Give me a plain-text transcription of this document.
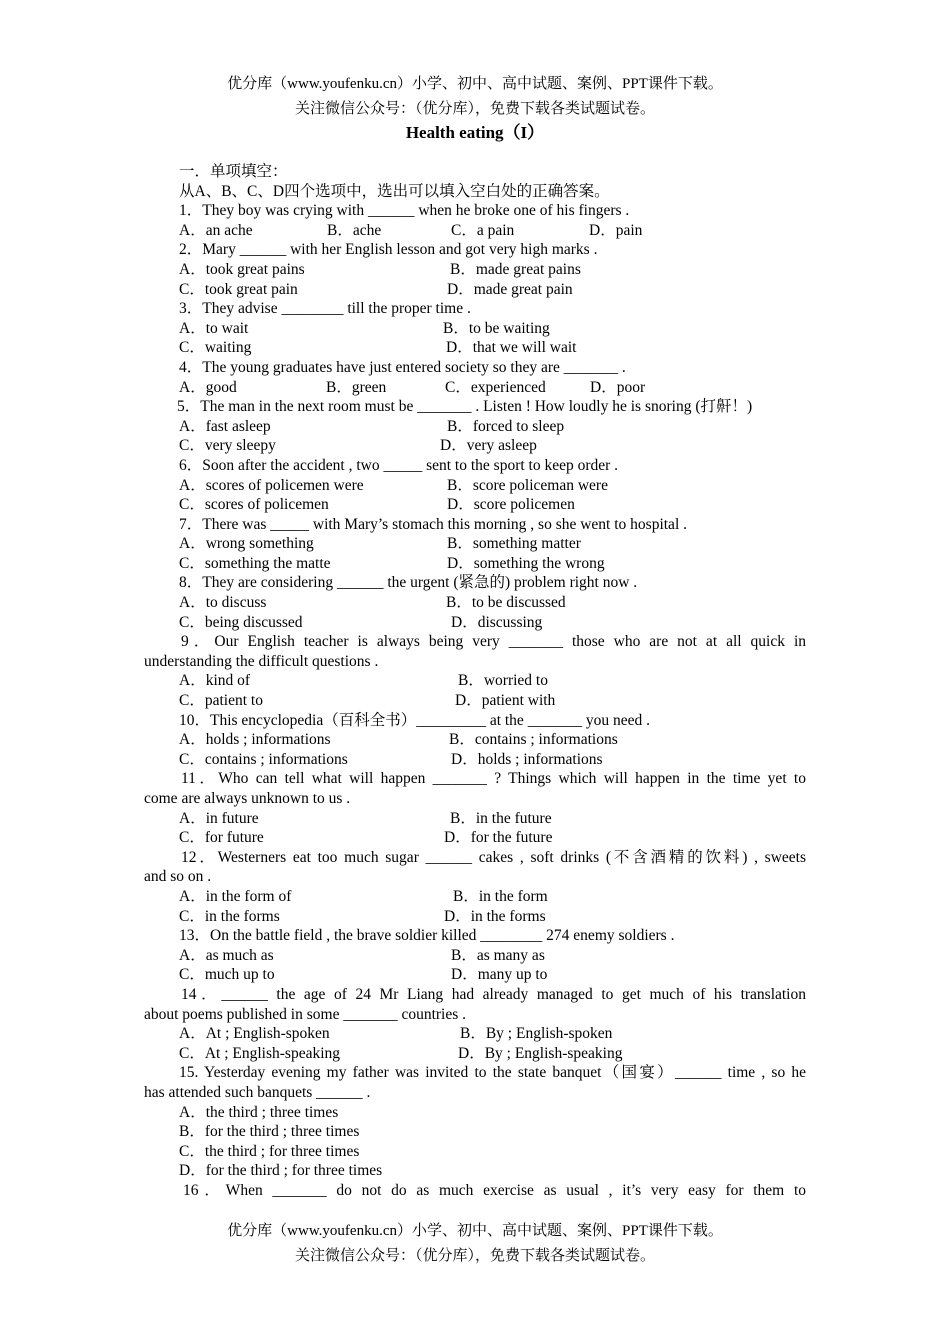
优分库（www.youfenku.cn）小学、初中、高中试题、案例、PPT课件下载。
关注微信公众号：（优分库），免费下载各类试题试卷。
Health eating（I）
一．单项填空：
从A、B、C、D四个选项中，选出可以填入空白处的正确答案。
1．They boy was crying with ______ when he broke one of his fingers .
A．an ache	B．ache	C．a pain	D．pain
2．Mary ______ with her English lesson and got very high marks .
A．took great pains	B．made great pains
C．took great pain	D．made great pain
3．They advise ________ till the proper time .
A．to wait	B．to be waiting
C．waiting	D．that we will wait
4．The young graduates have just entered society so they are _______ .
A．good	B．green	C．experienced	D．poor
5．The man in the next room must be _______ . Listen ! How loudly he is snoring (打鼾！)
A．fast asleep	B．forced to sleep
C．very sleepy	D．very asleep
6．Soon after the accident , two _____ sent to the sport to keep order .
A．scores of policemen were	B．score policeman were
C．scores of policemen	D．score policemen
7．There was _____ with Mary’s stomach this morning , so she went to hospital .
A．wrong something	B．something matter
C．something the matte	D．something the wrong
8．They are considering ______ the urgent (紧急的) problem right now .
A．to discuss	B．to be discussed
C．being discussed	D．discussing
9．Our English teacher is always being very _______ those who are not at all quick in
understanding the difficult questions .
A．kind of	B．worried to
C．patient to	D．patient with
10．This encyclopedia（百科全书）_________ at the _______ you need .
A．holds ; informations	B．contains ; informations
C．contains ; informations	D．holds ; informations
11．Who can tell what will happen _______ ? Things which will happen in the time yet to
come are always unknown to us .
A．in future	B．in the future
C．for future	D．for the future
12．Westerners eat too much sugar ______ cakes , soft drinks (不含酒精的饮料) , sweets
and so on .
A．in the form of	B．in the form
C．in the forms	D．in the forms
13．On the battle field , the brave soldier killed ________ 274 enemy soldiers .
A．as much as	B．as many as
C．much up to	D．many up to
14．______ the age of 24 Mr Liang had already managed to get much of his translation
about poems published in some _______ countries .
A．At ; English-spoken	B．By ; English-spoken
C．At ; English-speaking	D．By ; English-speaking
15. Yesterday evening my father was invited to the state banquet（国宴）______ time , so he
has attended such banquets ______ .
A．the third ; three times
B．for the third ; three times
C．the third ; for three times
D．for the third ; for three times
16．When _______ do not do as much exercise as usual , it’s very easy for them to
优分库（www.youfenku.cn）小学、初中、高中试题、案例、PPT课件下载。
关注微信公众号：（优分库），免费下载各类试题试卷。
